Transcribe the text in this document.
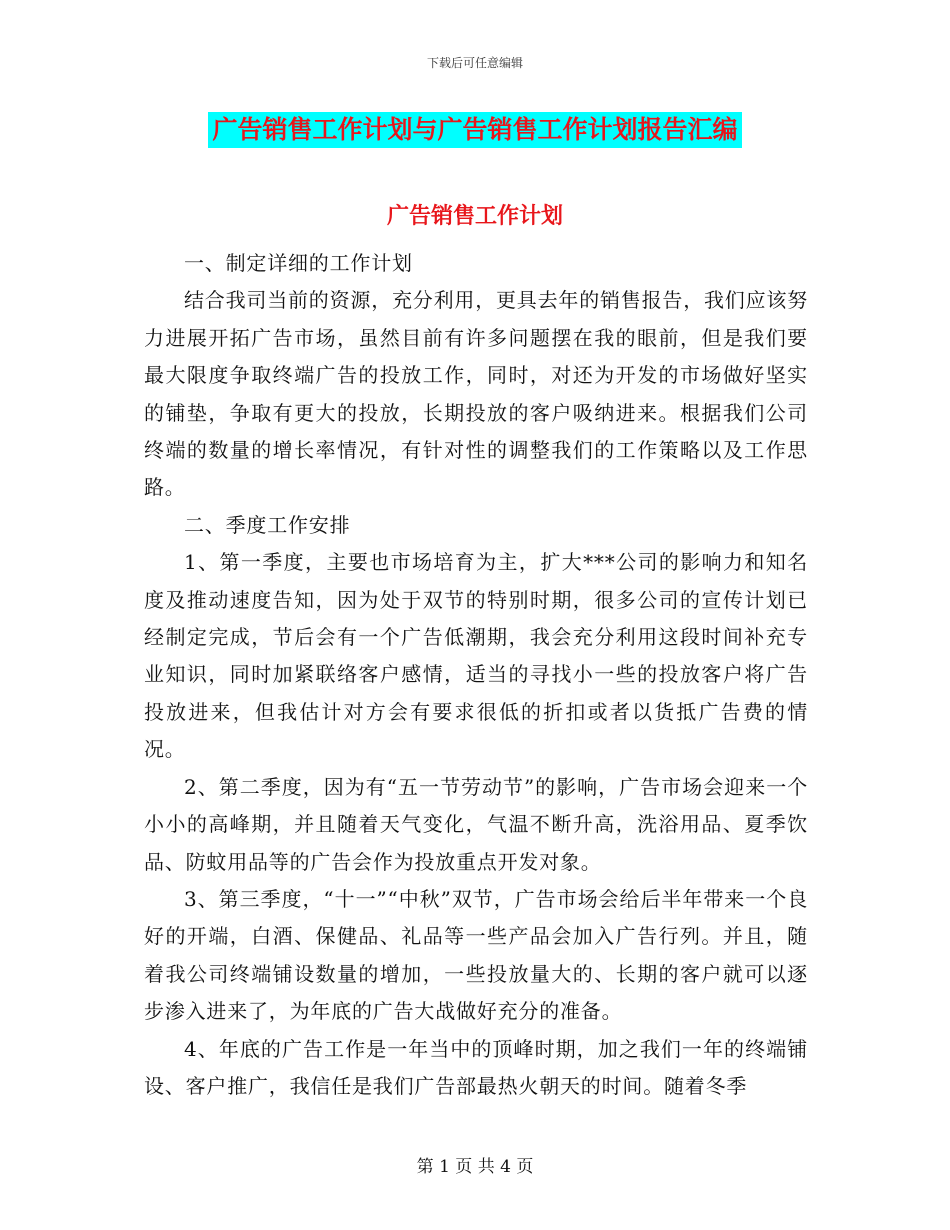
下载后可任意编辑
广告销售工作计划与广告销售工作计划报告汇编
广告销售工作计划

一、制定详细的工作计划

结合我司当前的资源，充分利用，更具去年的销售报告，我们应该努力进展开拓广告市场，虽然目前有许多问题摆在我的眼前，但是我们要最大限度争取终端广告的投放工作，同时，对还为开发的市场做好坚实的铺垫，争取有更大的投放，长期投放的客户吸纳进来。根据我们公司终端的数量的增长率情况，有针对性的调整我们的工作策略以及工作思路。

二、季度工作安排

1、第一季度，主要也市场培育为主，扩大***公司的影响力和知名度及推动速度告知，因为处于双节的特别时期，很多公司的宣传计划已经制定完成，节后会有一个广告低潮期，我会充分利用这段时间补充专业知识，同时加紧联络客户感情，适当的寻找小一些的投放客户将广告投放进来，但我估计对方会有要求很低的折扣或者以货抵广告费的情况。

2、第二季度，因为有“五一节劳动节”的影响，广告市场会迎来一个小小的高峰期，并且随着天气变化，气温不断升高，洗浴用品、夏季饮品、防蚊用品等的广告会作为投放重点开发对象。

3、第三季度，“十一”“中秋”双节，广告市场会给后半年带来一个良好的开端，白酒、保健品、礼品等一些产品会加入广告行列。并且，随着我公司终端铺设数量的增加，一些投放量大的、长期的客户就可以逐步渗入进来了，为年底的广告大战做好充分的准备。

4、年底的广告工作是一年当中的顶峰时期，加之我们一年的终端铺设、客户推广，我信任是我们广告部最热火朝天的时间。随着冬季

第 1 页 共 4 页
